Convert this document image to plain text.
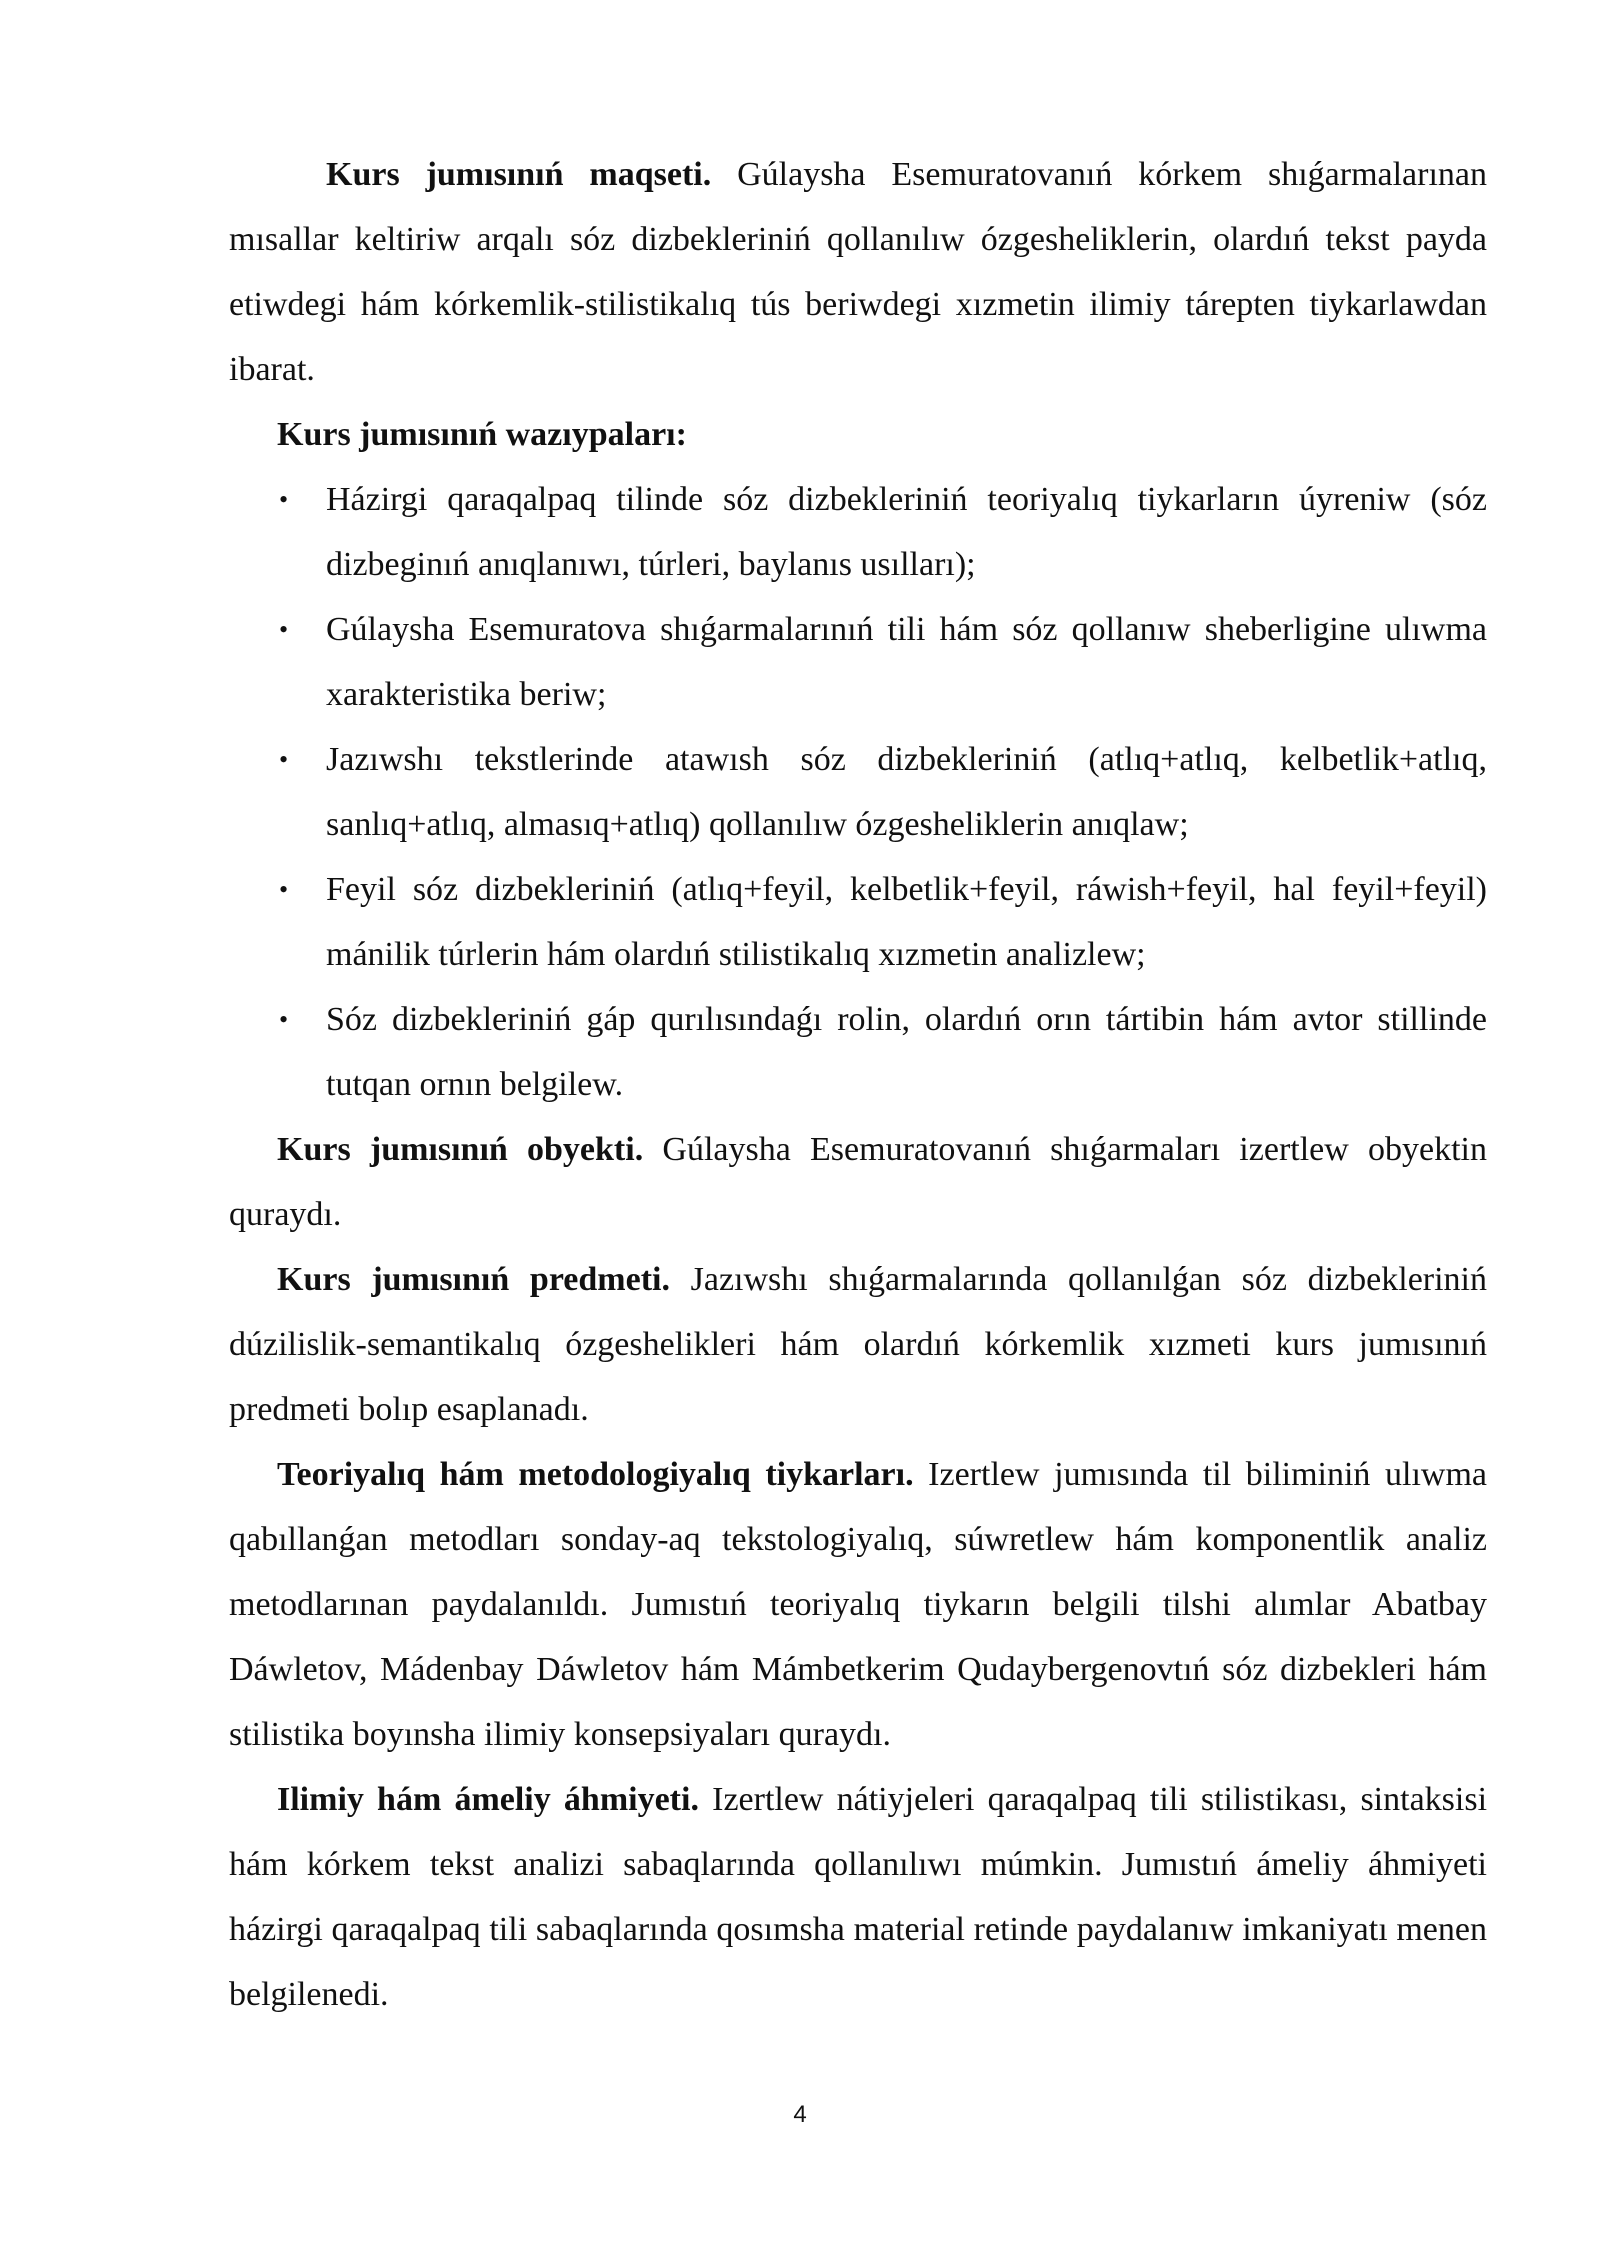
Kurs jumısınıń maqseti. Gúlaysha Esemuratovanıń kórkem shıǵarmalarınan mısallar keltiriw arqalı sóz dizbekleriniń qollanılıw ózgesheliklerin, olardıń tekst payda etiwdegi hám kórkemlik-stilistikalıq tús beriwdegi xızmetin ilimiy tárepten tiykarlawdan ibarat.

Kurs jumısınıń wazıypaları:

• Házirgi qaraqalpaq tilinde sóz dizbekleriniń teoriyalıq tiykarların úyreniw (sóz dizbeginıń anıqlanıwı, túrleri, baylanıs usılları);
• Gúlaysha Esemuratova shıǵarmalarınıń tili hám sóz qollanıw sheberligine ulıwma xarakteristika beriw;
• Jazıwshı tekstlerinde atawısh sóz dizbekleriniń (atlıq+atlıq, kelbetlik+atlıq, sanlıq+atlıq, almasıq+atlıq) qollanılıw ózgesheliklerin anıqlaw;
• Feyil sóz dizbekleriniń (atlıq+feyil, kelbetlik+feyil, ráwish+feyil, hal feyil+feyil) mánilik túrlerin hám olardıń stilistikalıq xızmetin analizlew;
• Sóz dizbekleriniń gáp qurılısındaǵı rolin, olardıń orın tártibin hám avtor stillinde tutqan ornın belgilew.

Kurs jumısınıń obyekti. Gúlaysha Esemuratovanıń shıǵarmaları izertlew obyektin quraydı.

Kurs jumısınıń predmeti. Jazıwshı shıǵarmalarında qollanılǵan sóz dizbekleriniń dúzilislik-semantikalıq ózgeshelikleri hám olardıń kórkemlik xızmeti kurs jumısınıń predmeti bolıp esaplanadı.

Teoriyalıq hám metodologiyalıq tiykarları. Izertlew jumısında til biliminiń ulıwma qabıllanǵan metodları sonday-aq tekstologiyalıq, súwretlew hám komponentlik analiz metodlarınan paydalanıldı. Jumıstıń teoriyalıq tiykarın belgili tilshi alımlar Abatbay Dáwletov, Mádenbay Dáwletov hám Mámbetkerim Qudaybergenovtıń sóz dizbekleri hám stilistika boyınsha ilimiy konsepsiyaları quraydı.

Ilimiy hám ámeliy áhmiyeti. Izertlew nátiyjeleri qaraqalpaq tili stilistikası, sintaksisi hám kórkem tekst analizi sabaqlarında qollanılıwı múmkin. Jumıstıń ámeliy áhmiyeti házirgi qaraqalpaq tili sabaqlarında qosımsha material retinde paydalanıw imkaniyatı menen belgilenedi.

4
